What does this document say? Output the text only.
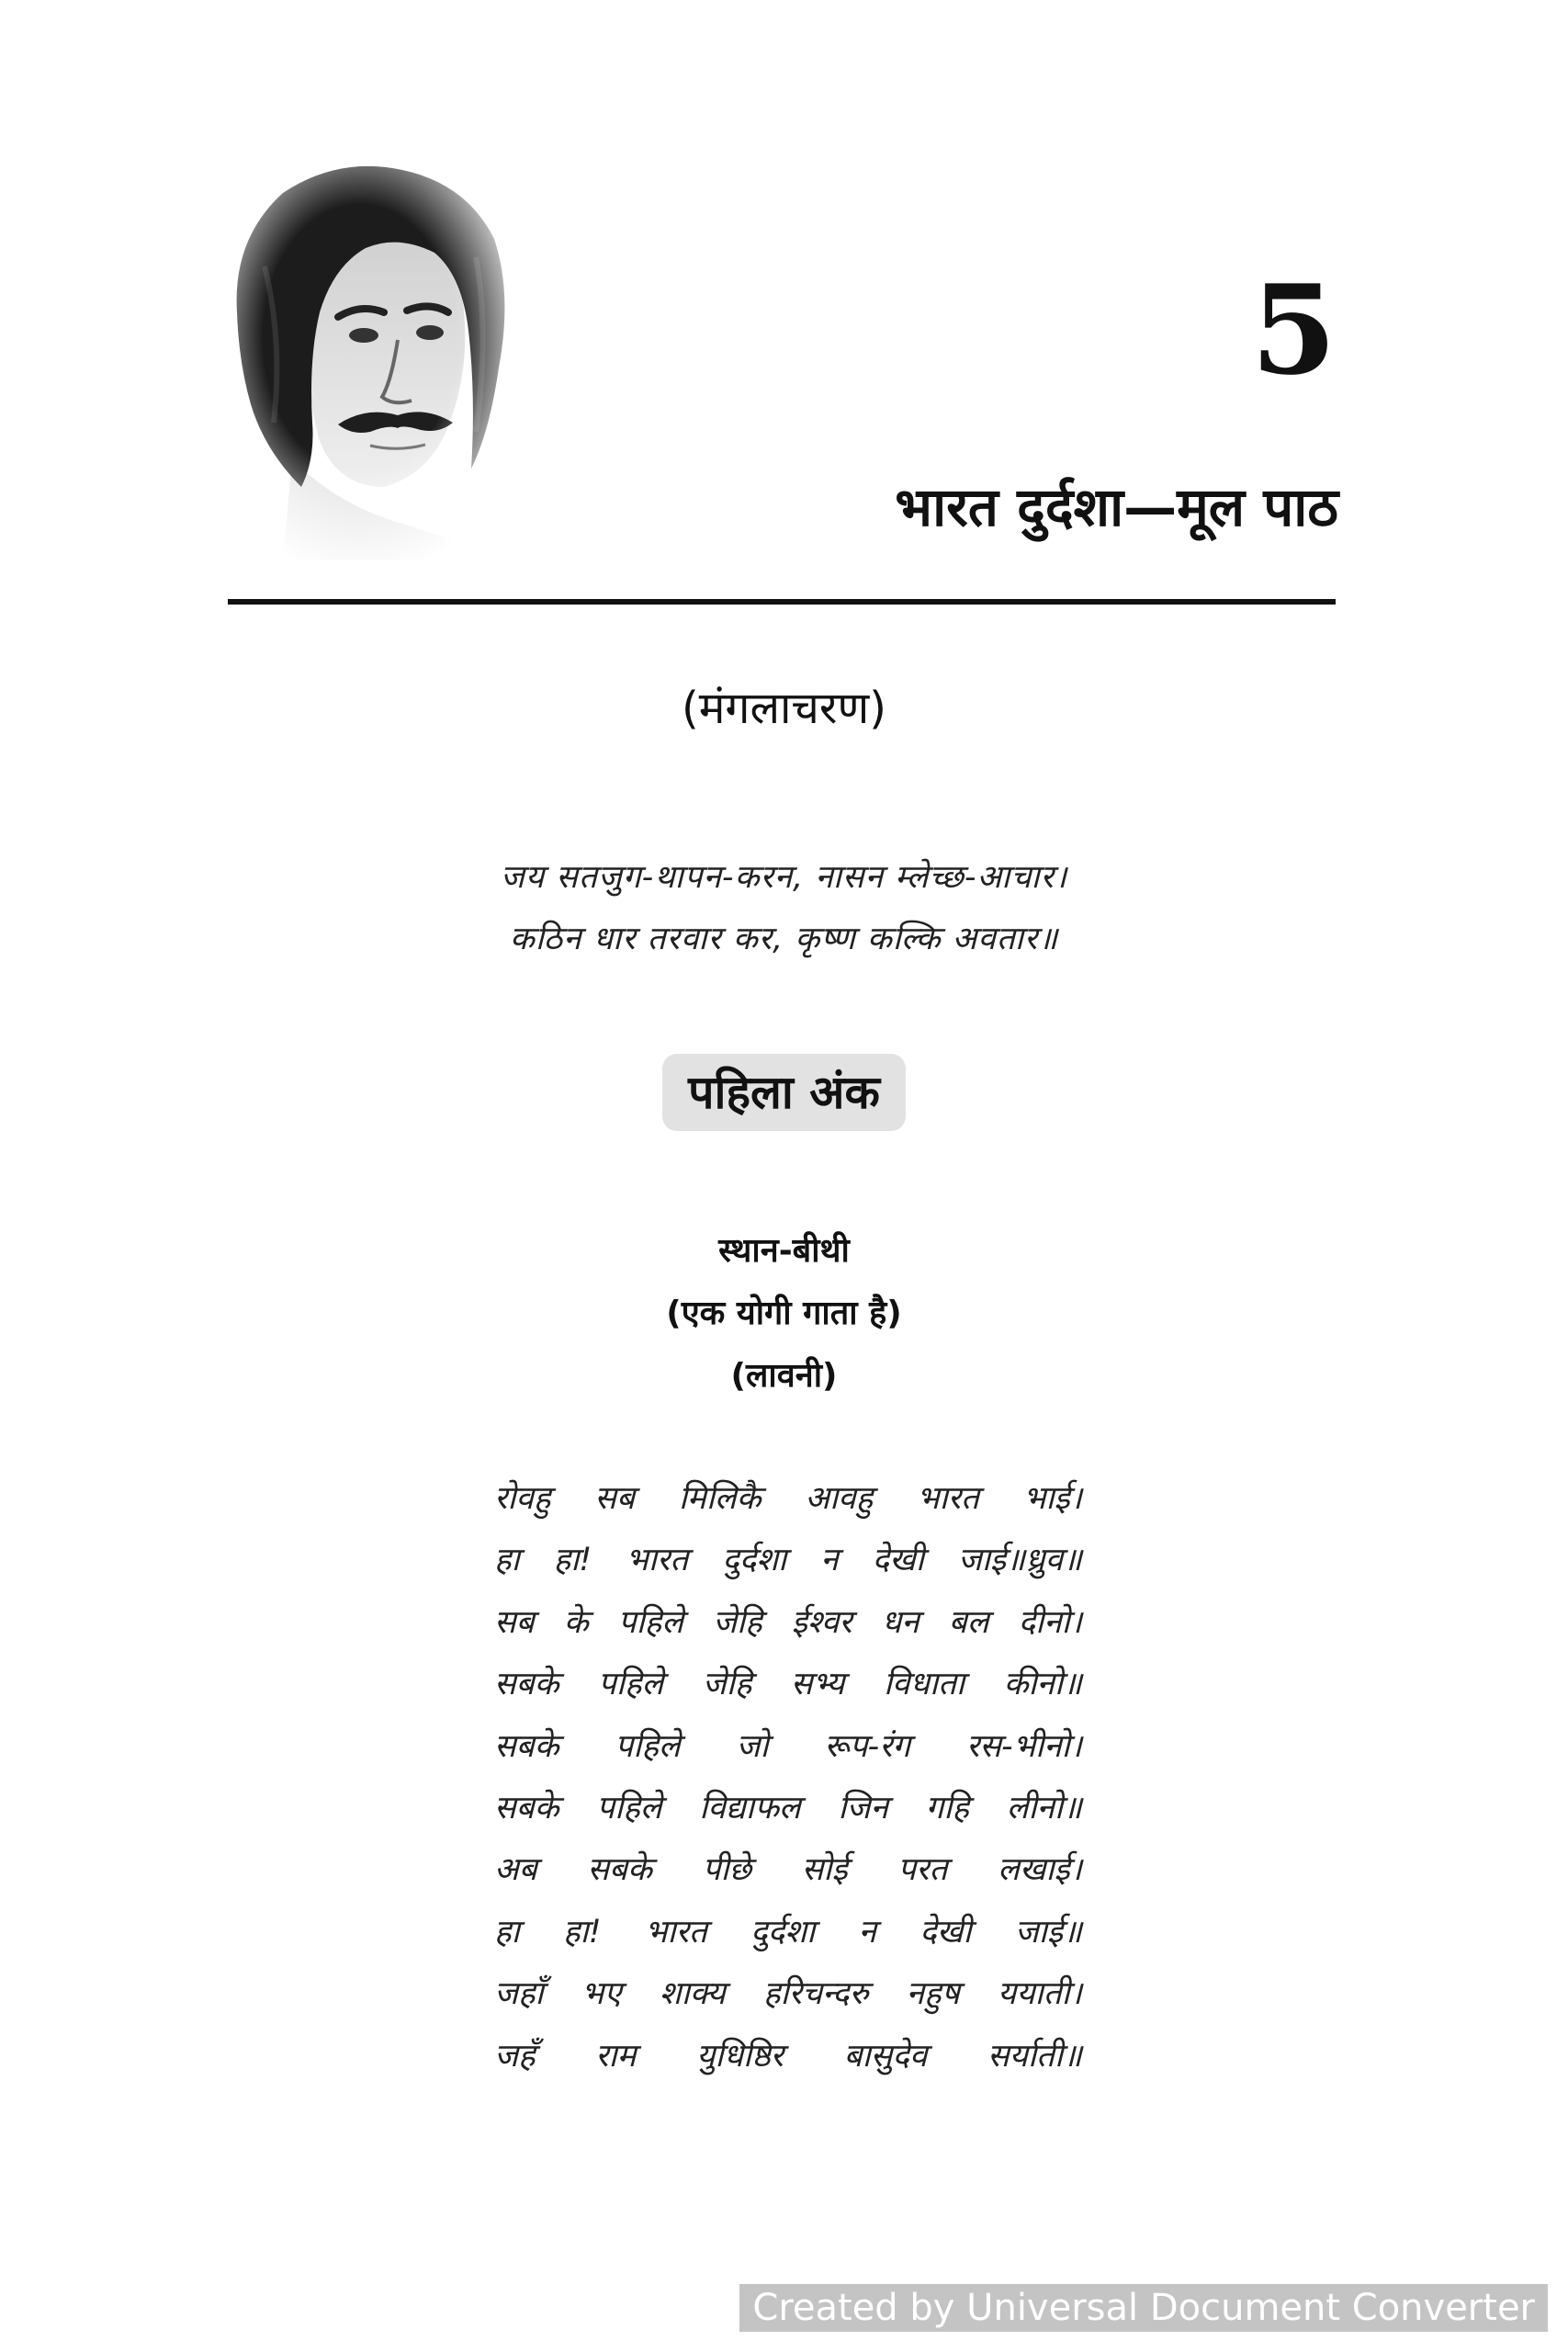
5
भारत दुर्दशा—मूल पाठ
(मंगलाचरण)
जय सतजुग-थापन-करन, नासन म्लेच्छ-आचार।
कठिन धार तरवार कर, कृष्ण कल्कि अवतार॥
पहिला अंक
स्थान-बीथी
(एक योगी गाता है)
(लावनी)
रोवहु सब मिलिकै आवहु भारत भाई।
हा हा! भारत दुर्दशा न देखी जाई॥ध्रुव॥
सब के पहिले जेहि ईश्वर धन बल दीनो।
सबके पहिले जेहि सभ्य विधाता कीनो॥
सबके पहिले जो रूप-रंग रस-भीनो।
सबके पहिले विद्याफल जिन गहि लीनो॥
अब सबके पीछे सोई परत लखाई।
हा हा! भारत दुर्दशा न देखी जाई॥
जहाँ भए शाक्य हरिचन्दरु नहुष ययाती।
जहँ राम युधिष्ठिर बासुदेव सर्याती॥
Created by Universal Document Converter
